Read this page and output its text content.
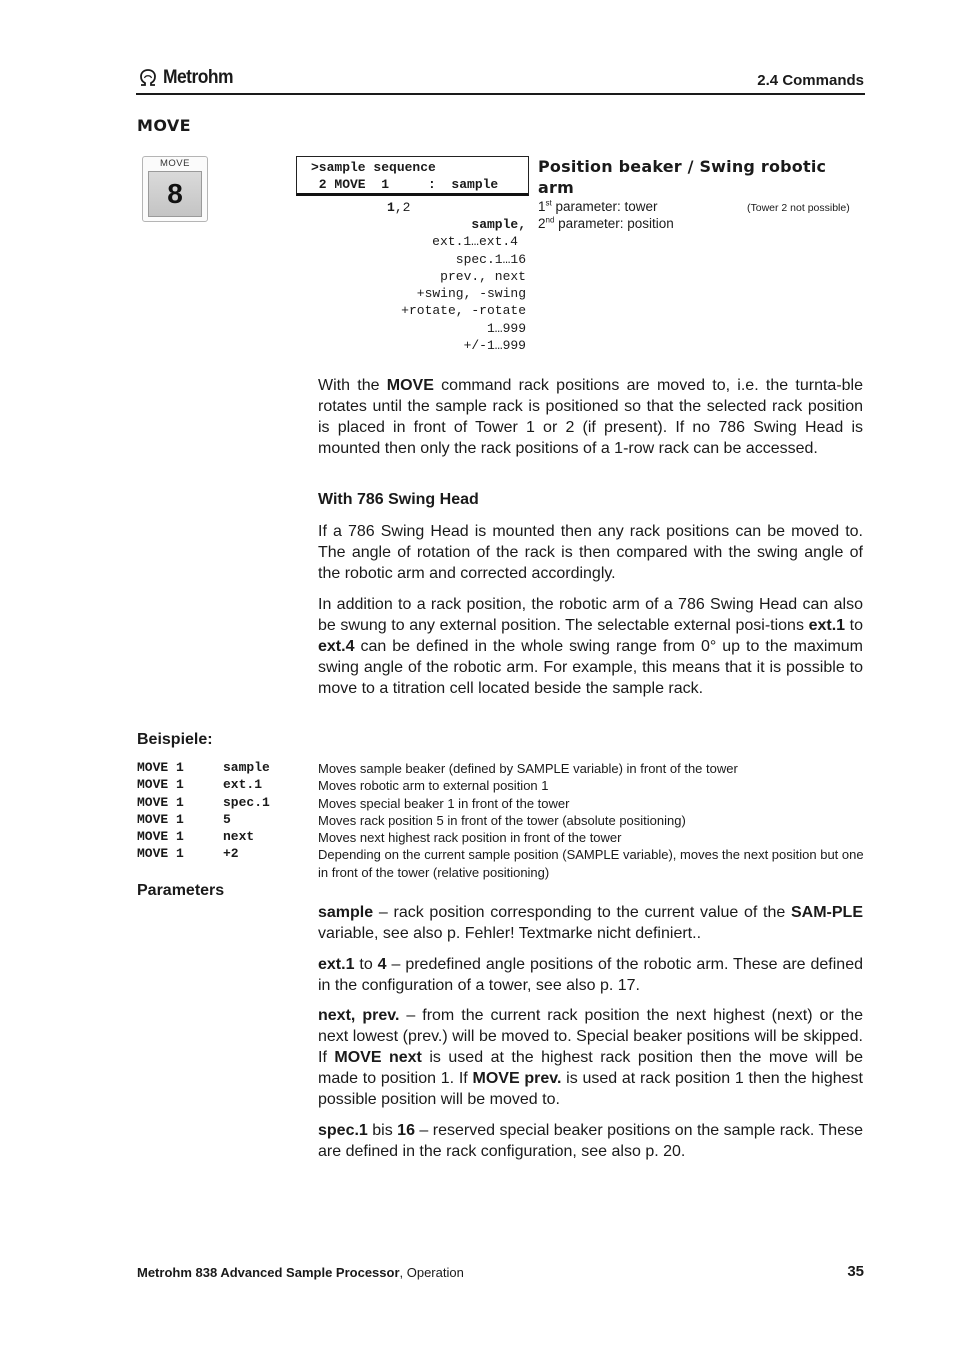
Metrohm	2.4 Commands
MOVE
MOVE
8
>sample sequence
2 MOVE  1     :  sample
1,2
sample,
ext.1…ext.4
spec.1…16
prev., next
+swing, -swing
+rotate, -rotate
1…999
+/-1…999
Position beaker / Swing robotic arm
1st parameter: tower	(Tower 2 not possible)
2nd parameter: position
With the MOVE command rack positions are moved to, i.e. the turnta-ble rotates until the sample rack is positioned so that the selected rack position is placed in front of Tower 1 or 2 (if present). If no 786 Swing Head is mounted then only the rack positions of a 1-row rack can be accessed.
With 786 Swing Head
If a 786 Swing Head is mounted then any rack positions can be moved to. The angle of rotation of the rack is then compared with the swing angle of the robotic arm and corrected accordingly.
In addition to a rack position, the robotic arm of a 786 Swing Head can also be swung to any external position. The selectable external posi-tions ext.1 to ext.4 can be defined in the whole swing range from 0° up to the maximum swing angle of the robotic arm. For example, this means that it is possible to move to a titration cell located beside the sample rack.
Beispiele:
MOVE 1	sample	Moves sample beaker (defined by SAMPLE variable) in front of the tower
MOVE 1	ext.1	Moves robotic arm to external position 1
MOVE 1	spec.1	Moves special beaker 1 in front of the tower
MOVE 1	5	Moves rack position 5 in front of the tower (absolute positioning)
MOVE 1	next	Moves next highest rack position in front of the tower
MOVE 1	+2	Depending on the current sample position (SAMPLE variable), moves the next position but one in front of the tower (relative positioning)
Parameters
sample – rack position corresponding to the current value of the SAM-PLE variable, see also p. Fehler! Textmarke nicht definiert..
ext.1 to 4 – predefined angle positions of the robotic arm. These are defined in the configuration of a tower, see also p. 17.
next, prev. – from the current rack position the next highest (next) or the next lowest (prev.) will be moved to. Special beaker positions will be skipped. If MOVE next is used at the highest rack position then the move will be made to position 1. If MOVE prev. is used at rack position 1 then the highest possible position will be moved to.
spec.1 bis 16 – reserved special beaker positions on the sample rack. These are defined in the rack configuration, see also p. 20.
Metrohm 838 Advanced Sample Processor, Operation	35
